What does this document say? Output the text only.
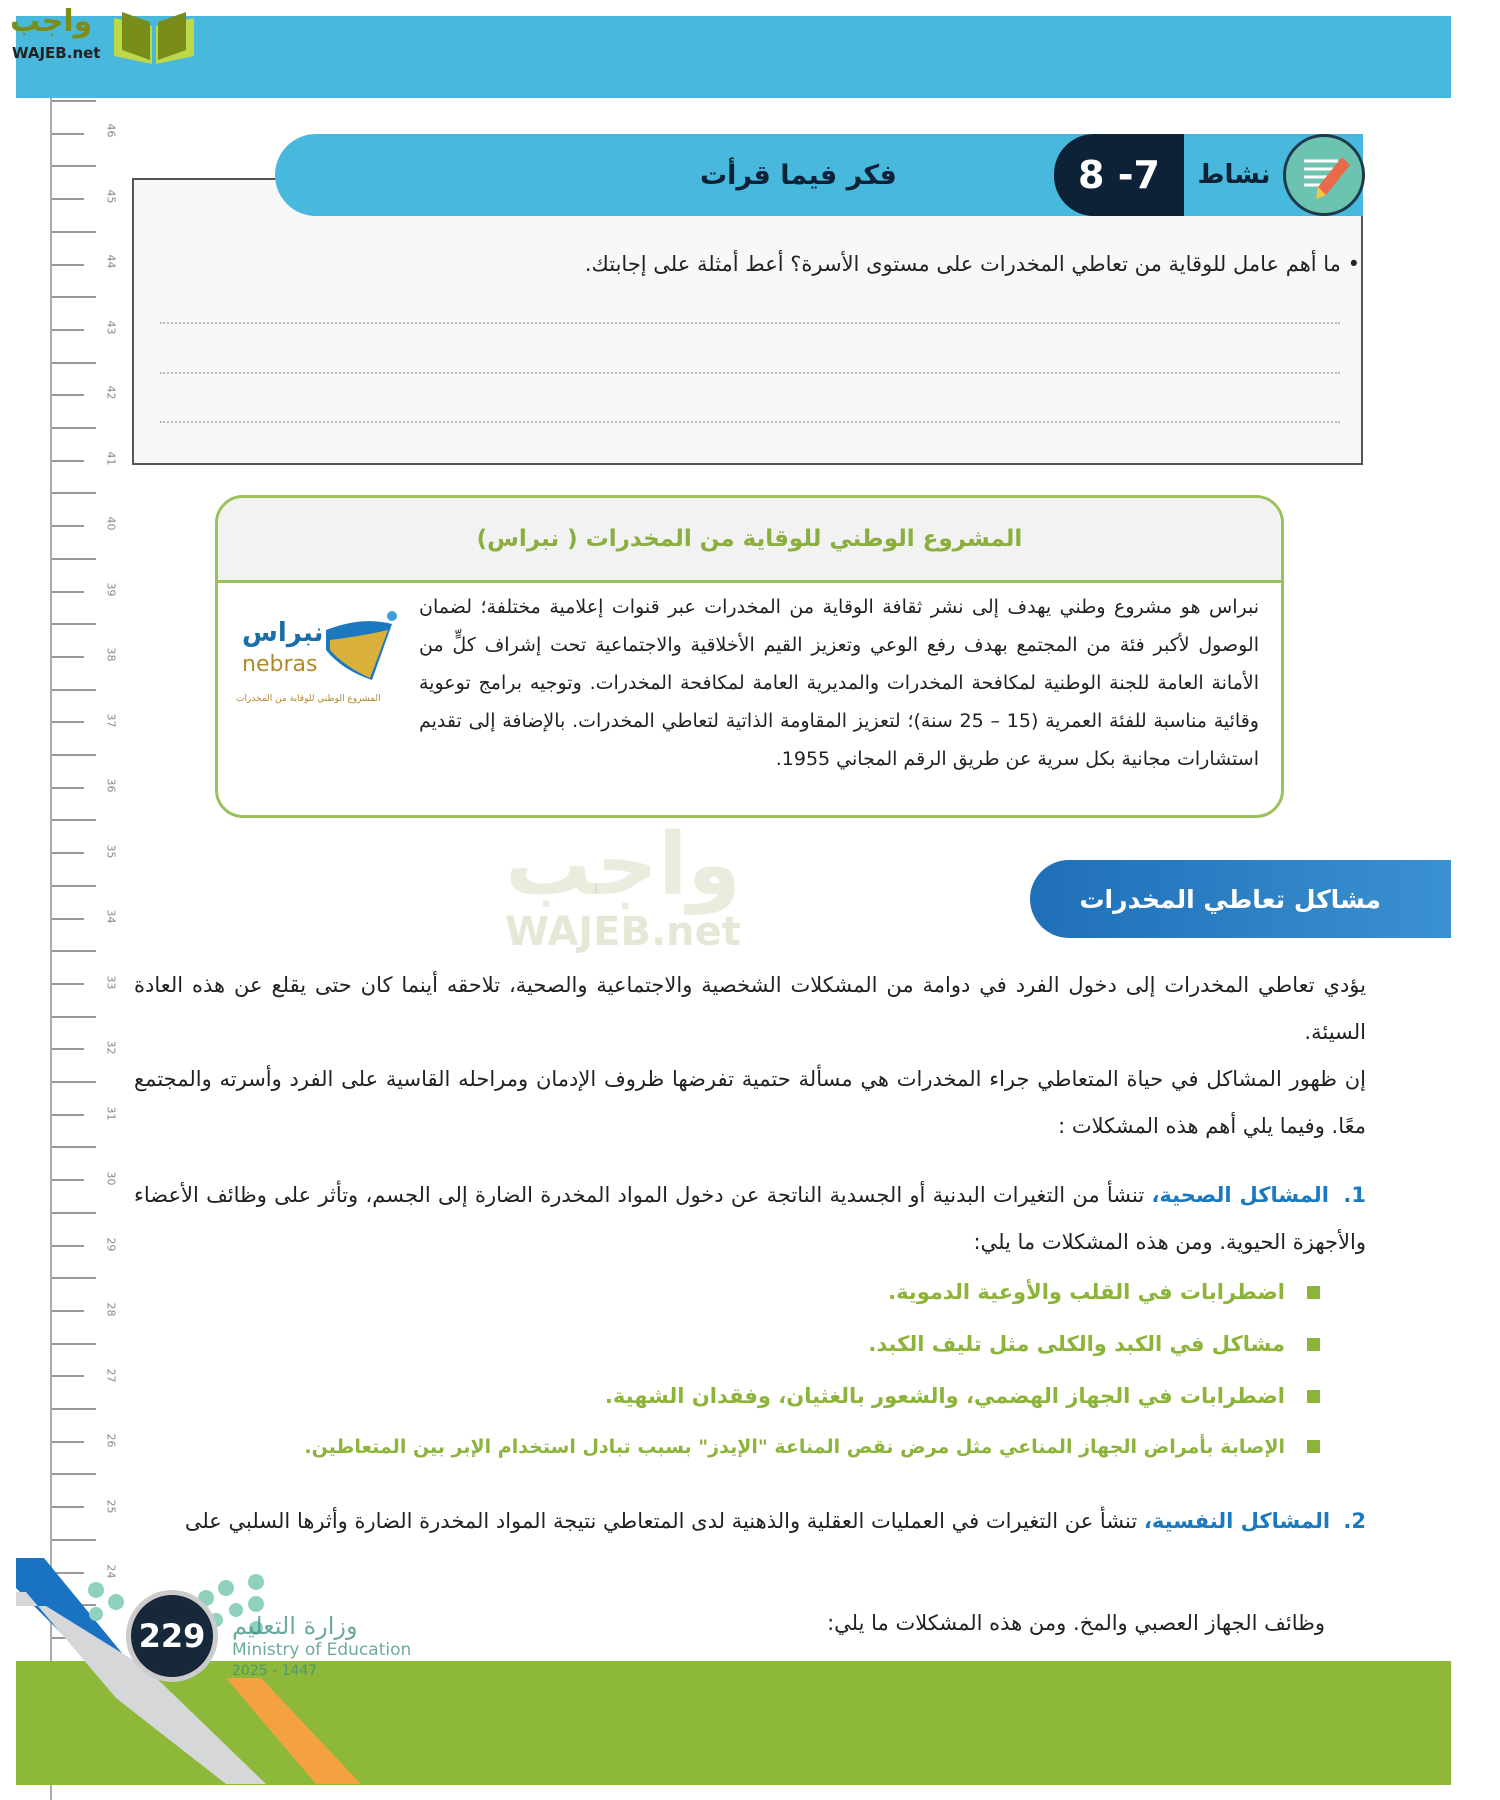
واجب
WAJEB.net
46
45
44
43
42
41
40
39
38
37
36
35
34
33
32
31
30
29
28
27
26
25
24
فكر فيما قرأت	8 -7	نشاط
• ما أهم عامل للوقاية من تعاطي المخدرات على مستوى الأسرة؟ أعط أمثلة على إجابتك.
المشروع الوطني للوقاية من المخدرات ( نبراس)
نبراس هو مشروع وطني يهدف إلى نشر ثقافة الوقاية من المخدرات عبر قنوات إعلامية مختلفة؛ لضمان الوصول لأكبر فئة من المجتمع بهدف رفع الوعي وتعزيز القيم الأخلاقية والاجتماعية تحت إشراف كلٍّ من الأمانة العامة للجنة الوطنية لمكافحة المخدرات والمديرية العامة لمكافحة المخدرات. وتوجيه برامج توعوية وقائية مناسبة للفئة العمرية (15 – 25 سنة)؛ لتعزيز المقاومة الذاتية لتعاطي المخدرات. بالإضافة إلى تقديم استشارات مجانية بكل سرية عن طريق الرقم المجاني 1955.
نبراس
nebras
المشروع الوطني للوقاية من المخدرات
واجب
WAJEB.net
مشاكل تعاطي المخدرات
يؤدي تعاطي المخدرات إلى دخول الفرد في دوامة من المشكلات الشخصية والاجتماعية والصحية، تلاحقه أينما كان حتى يقلع عن هذه العادة السيئة.
إن ظهور المشاكل في حياة المتعاطي جراء المخدرات هي مسألة حتمية تفرضها ظروف الإدمان ومراحله القاسية على الفرد وأسرته والمجتمع معًا. وفيما يلي أهم هذه المشكلات :
1.  المشاكل الصحية، تنشأ من التغيرات البدنية أو الجسدية الناتجة عن دخول المواد المخدرة الضارة إلى الجسم، وتأثر على وظائف الأعضاء والأجهزة الحيوية. ومن هذه المشكلات ما يلي:
اضطرابات في القلب والأوعية الدموية.
مشاكل في الكبد والكلى مثل تليف الكبد.
اضطرابات في الجهاز الهضمي، والشعور بالغثيان، وفقدان الشهية.
الإصابة بأمراض الجهاز المناعي مثل مرض نقص المناعة "الإيدز" بسبب تبادل استخدام الإبر بين المتعاطين.
2.  المشاكل النفسية، تنشأ عن التغيرات في العمليات العقلية والذهنية لدى المتعاطي نتيجة المواد المخدرة الضارة وأثرها السلبي على
وظائف الجهاز العصبي والمخ. ومن هذه المشكلات ما يلي:
229	وزارة التعليم
Ministry of Education
2025 - 1447
